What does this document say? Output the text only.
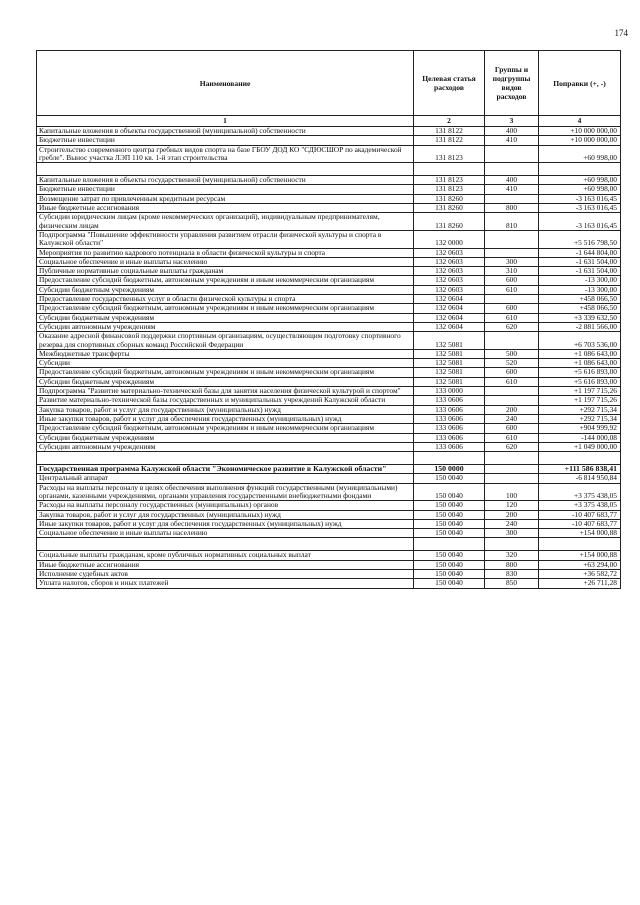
174
Наименование	Целевая статья расходов	Группы и подгруппы видов расходов	Поправки (+, -)
1	2	3	4
Капитальные вложения в объекты государственной (муниципальной) собственности	131 8122	400	+10 000 000,00
Бюджетные инвестиции	131 8122	410	+10 000 000,00
Строительство современного центра гребных видов спорта на базе ГБОУ ДОД КО "СДЮСШОР по академической гребле". Вынос участка ЛЭП 110 кв. 1-й этап строительства	131 8123		+60 998,00

Капитальные вложения в объекты государственной (муниципальной) собственности	131 8123	400	+60 998,00
Бюджетные инвестиции	131 8123	410	+60 998,00
Возмещение затрат по привлеченным кредитным ресурсам	131 8260		-3 163 016,45
Иные бюджетные ассигнования	131 8260	800	-3 163 016,45
Субсидии юридическим лицам (кроме некоммерческих организаций), индивидуальным предпринимателям, физическим лицам	131 8260	810	-3 163 016,45
Подпрограмма "Повышение эффективности управления развитием отрасли физической культуры и спорта в Калужской области"	132 0000		+5 516 798,50
Мероприятия по развитию кадрового потенциала в области физической культуры и спорта	132 0603		-1 644 804,00
Социальное обеспечение и иные выплаты населению	132 0603	300	-1 631 504,00
Публичные нормативные социальные выплаты гражданам	132 0603	310	-1 631 504,00
Предоставление субсидий бюджетным, автономным учреждениям и иным некоммерческим организациям	132 0603	600	-13 300,00
Субсидии бюджетным учреждениям	132 0603	610	-13 300,00
Предоставление государственных услуг в области физической культуры и спорта	132 0604		+458 066,50
Предоставление субсидий бюджетным, автономным учреждениям и иным некоммерческим организациям	132 0604	600	+458 066,50
Субсидии бюджетным учреждениям	132 0604	610	+3 339 632,50
Субсидии автономным учреждениям	132 0604	620	-2 881 566,00
Оказание адресной финансовой поддержки спортивным организациям, осуществляющим подготовку спортивного резерва для спортивных сборных команд Российской Федерации	132 5081		+6 703 536,00
Межбюджетные трансферты	132 5081	500	+1 086 643,00
Субсидии	132 5081	520	+1 086 643,00
Предоставление субсидий бюджетным, автономным учреждениям и иным некоммерческим организациям	132 5081	600	+5 616 893,00
Субсидии бюджетным учреждениям	132 5081	610	+5 616 893,00
Подпрограмма "Развитие материально-технической базы для занятия населения физической культурой и спортом"	133 0000		+1 197 715,26
Развитие материально-технической базы государственных и муниципальных учреждений Калужской области	133 0606		+1 197 715,26
Закупка товаров, работ и услуг для государственных (муниципальных) нужд	133 0606	200	+292 715,34
Иные закупки товаров, работ и услуг для обеспечения государственных (муниципальных) нужд	133 0606	240	+292 715,34
Предоставление субсидий бюджетным, автономным учреждениям и иным некоммерческим организациям	133 0606	600	+904 999,92
Субсидии бюджетным учреждениям	133 0606	610	-144 000,08
Субсидии автономным учреждениям	133 0606	620	+1 049 000,00

Государственная программа Калужской области "Экономическое развитие в Калужской области"	150 0000		+111 586 838,41
Центральный аппарат	150 0040		-6 814 950,84
Расходы на выплаты персоналу в целях обеспечения выполнения функций государственными (муниципальными) органами, казенными учреждениями, органами управления государственными внебюджетными фондами	150 0040	100	+3 375 438,05
Расходы на выплаты персоналу государственных (муниципальных) органов	150 0040	120	+3 375 438,05
Закупка товаров, работ и услуг для государственных (муниципальных) нужд	150 0040	200	-10 407 683,77
Иные закупки товаров, работ и услуг для обеспечения государственных (муниципальных) нужд	150 0040	240	-10 407 683,77
Социальное обеспечение и иные выплаты населению	150 0040	300	+154 000,88

Социальные выплаты гражданам, кроме публичных нормативных социальных выплат	150 0040	320	+154 000,88
Иные бюджетные ассигнования	150 0040	800	+63 294,00
Исполнение судебных актов	150 0040	830	+36 582,72
Уплата налогов, сборов и иных платежей	150 0040	850	+26 711,28
